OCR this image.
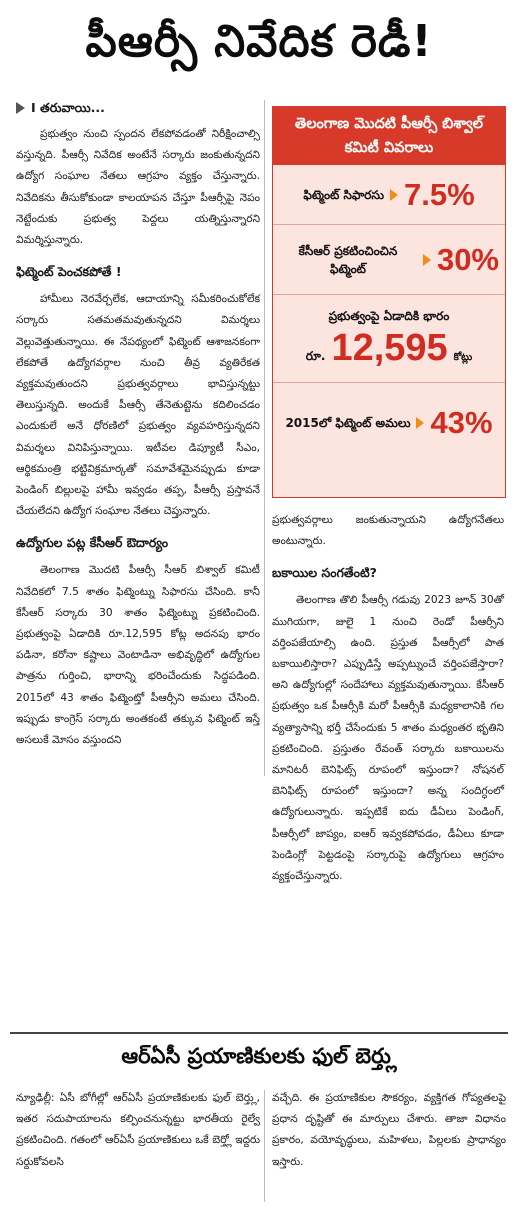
పీఆర్సీ నివేదిక రెడీ!
I తరువాయి...

ప్రభుత్వం నుంచి స్పందన లేకపోవడంతో నిరీక్షించాల్సి వస్తున్నది. పీఆర్సీ నివేదిక అంటేనే సర్కారు జంకుతున్నదని ఉద్యోగ సంఘాల నేతలు ఆగ్రహం వ్యక్తం చేస్తున్నారు. నివేదికను తీసుకోకుండా కాలయాపన చేస్తూ పీఆర్సీపై నెపం నెట్టేందుకు ప్రభుత్వ పెద్దలు యత్నిస్తున్నారని విమర్శిస్తున్నారు.

ఫిట్మెంట్ పెంచకపోతే !

హామీలు నెరవేర్చలేక, ఆదాయాన్ని సమీకరించుకోలేక సర్కారు సతమతమవుతున్నదని విమర్శలు వెల్లువెత్తుతున్నాయి. ఈ నేపథ్యంలో ఫిట్మెంట్ ఆశాజనకంగా లేకపోతే ఉద్యోగవర్గాల నుంచి తీవ్ర వ్యతిరేకత వ్యక్తమవుతుందని ప్రభుత్వవర్గాలు భావిస్తున్నట్టు తెలుస్తున్నది. అందుకే పీఆర్సీ తేనెతుట్టెను కదిలించడం ఎందుకులే అనే ధోరణిలో ప్రభుత్వం వ్యవహరిస్తున్నదని విమర్శలు వినిపిస్తున్నాయి. ఇటీవల డిప్యూటీ సీఎం, ఆర్థికమంత్రి భట్టివిక్రమార్కతో సమావేశమైనప్పుడు కూడా పెండింగ్ బిల్లులపై హామీ ఇవ్వడం తప్ప, పీఆర్సీ ప్రస్తావనే చేయలేదని ఉద్యోగ సంఘాల నేతలు చెప్తున్నారు.

ఉద్యోగుల పట్ల కేసీఆర్ ఔదార్యం

తెలంగాణ మొదటి పీఆర్సీ సీఆర్ బిశ్వాల్ కమిటీ నివేదికలో 7.5 శాతం ఫిట్మెంట్ను సిఫారసు చేసింది. కానీ కేసీఆర్ సర్కారు 30 శాతం ఫిట్మెంట్ను ప్రకటించింది. ప్రభుత్వంపై ఏడాదికి రూ.12,595 కోట్ల అదనపు భారం పడినా, కరోనా కష్టాలు వెంటాడినా అభివృద్ధిలో ఉద్యోగుల పాత్రను గుర్తించి, భారాన్ని భరించేందుకు సిద్ధపడింది. 2015లో 43 శాతం ఫిట్మెంట్తో పీఆర్సీని అమలు చేసింది. ఇప్పుడు కాంగ్రెస్ సర్కారు అంతకంటే తక్కువ ఫిట్మెంట్ ఇస్తే అసలుకే మోసం వస్తుందని

తెలంగాణ మొదటి పీఆర్సీ బిశ్వాల్ కమిటీ వివరాలు
ఫిట్మెంట్ సిఫారసు 7.5%
కేసీఆర్ ప్రకటించించిన ఫిట్మెంట్	30%
ప్రభుత్వంపై ఏడాదికి భారం
రూ. 12,595 కోట్లు
2015లో ఫిట్మెంట్ అమలు 43%

ప్రభుత్వవర్గాలు జంకుతున్నాయని ఉద్యోగనేతలు అంటున్నారు.

బకాయిల సంగతేంటి?

తెలంగాణ తొలి పీఆర్సీ గడువు 2023 జూన్ 30తో ముగియగా, జులై 1 నుంచి రెండో పీఆర్సీని వర్తింపజేయాల్సి ఉంది. ప్రస్తుత పీఆర్సీలో పాత బకాయిలిస్తారా? ఎప్పుడిస్తే అప్పట్నుంచే వర్తింపజేస్తారా? అని ఉద్యోగుల్లో సందేహాలు వ్యక్తమవుతున్నాయి. కేసీఆర్ ప్రభుత్వం ఒక పీఆర్సీకి మరో పీఆర్సీకి మధ్యకాలానికి గల వ్యత్యాసాన్ని భర్తీ చేసేందుకు 5 శాతం మధ్యంతర భృతిని ప్రకటించింది. ప్రస్తుతం రేవంత్ సర్కారు బకాయిలను మానిటరీ బెనిఫిట్స్ రూపంలో ఇస్తుందా? నోషనల్ బెనిఫిట్స్ రూపంలో ఇస్తుందా? అన్న సందిగ్ధంలో ఉద్యోగులున్నారు. ఇప్పటికే ఐదు డీఏలు పెండింగ్, పీఆర్సీలో జాప్యం, ఐఆర్ ఇవ్వకపోవడం, డీఏలు కూడా పెండింగ్లో పెట్టడంపై సర్కారుపై ఉద్యోగులు ఆగ్రహం వ్యక్తంచేస్తున్నారు.

ఆర్ఏసీ ప్రయాణికులకు ఫుల్ బెర్త్లు

న్యూఢిల్లీ: ఏసీ బోగీల్లో ఆర్ఏసీ ప్రయాణికులకు ఫుల్ బెర్త్లు, ఇతర సదుపాయాలను కల్పించనున్నట్టు భారతీయ రైల్వే ప్రకటించింది. గతంలో ఆర్ఏసీ ప్రయాణికులు ఒకే బెర్త్లో ఇద్దరు సర్దుకోవలసి

వచ్చేది. ఈ ప్రయాణికుల సౌకర్యం, వ్యక్తిగత గోప్యతలపై ప్రధాన దృష్టితో ఈ మార్పులు చేశారు. తాజా విధానం ప్రకారం, వయోవృద్ధులు, మహిళలు, పిల్లలకు ప్రాధాన్యం ఇస్తారు.
